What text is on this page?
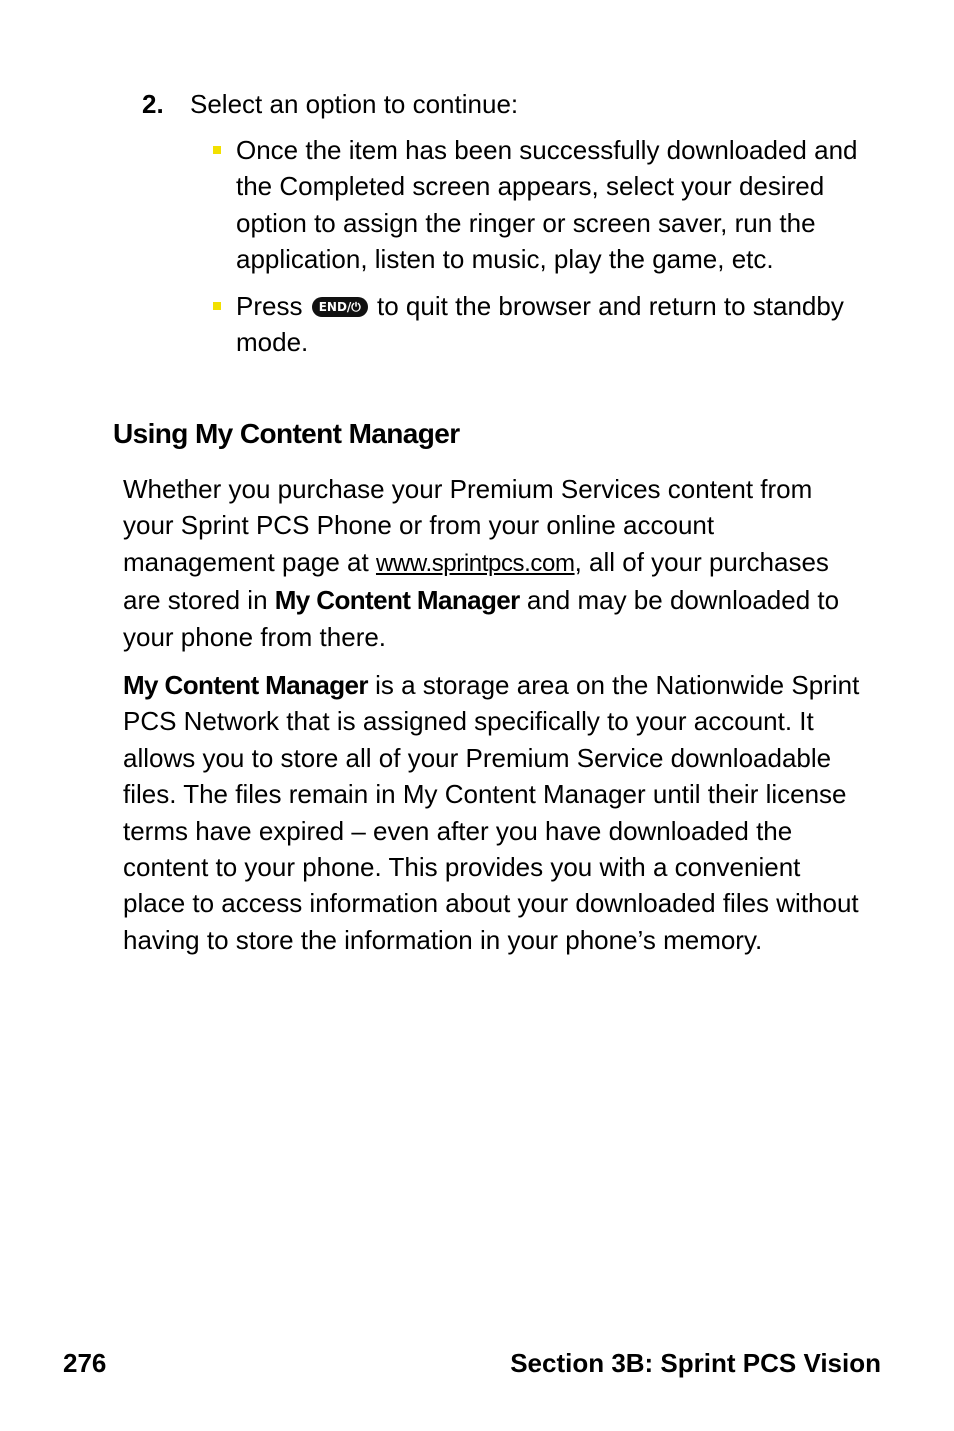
2. Select an option to continue:
Once the item has been successfully downloaded and the Completed screen appears, select your desired option to assign the ringer or screen saver, run the application, listen to music, play the game, etc.
Press END/⏻ to quit the browser and return to standby mode.
Using My Content Manager

Whether you purchase your Premium Services content from your Sprint PCS Phone or from your online account management page at www.sprintpcs.com, all of your purchases are stored in My Content Manager and may be downloaded to your phone from there.

My Content Manager is a storage area on the Nationwide Sprint PCS Network that is assigned specifically to your account. It allows you to store all of your Premium Service downloadable files. The files remain in My Content Manager until their license terms have expired – even after you have downloaded the content to your phone. This provides you with a convenient place to access information about your downloaded files without having to store the information in your phone’s memory.

276	Section 3B: Sprint PCS Vision
